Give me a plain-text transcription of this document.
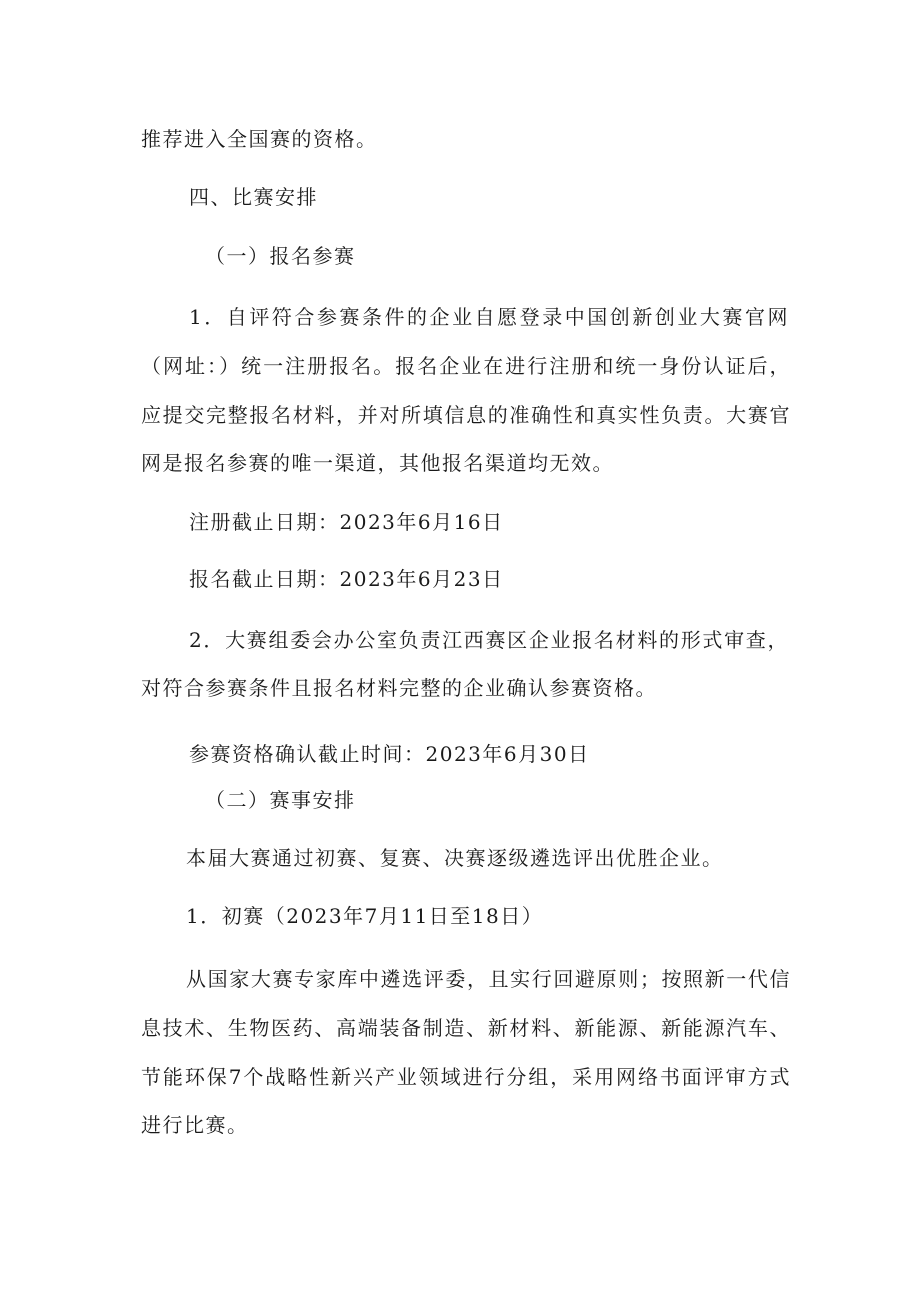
推荐进入全国赛的资格。
四、比赛安排
（一）报名参赛
1．自评符合参赛条件的企业自愿登录中国创新创业大赛官网
（网址：）统一注册报名。报名企业在进行注册和统一身份认证后，
应提交完整报名材料，并对所填信息的准确性和真实性负责。大赛官
网是报名参赛的唯一渠道，其他报名渠道均无效。
注册截止日期：2023年6月16日
报名截止日期：2023年6月23日
2．大赛组委会办公室负责江西赛区企业报名材料的形式审查，
对符合参赛条件且报名材料完整的企业确认参赛资格。
参赛资格确认截止时间：2023年6月30日
（二）赛事安排
本届大赛通过初赛、复赛、决赛逐级遴选评出优胜企业。
1．初赛（2023年7月11日至18日）
从国家大赛专家库中遴选评委，且实行回避原则；按照新一代信
息技术、生物医药、高端装备制造、新材料、新能源、新能源汽车、
节能环保7个战略性新兴产业领域进行分组，采用网络书面评审方式
进行比赛。
